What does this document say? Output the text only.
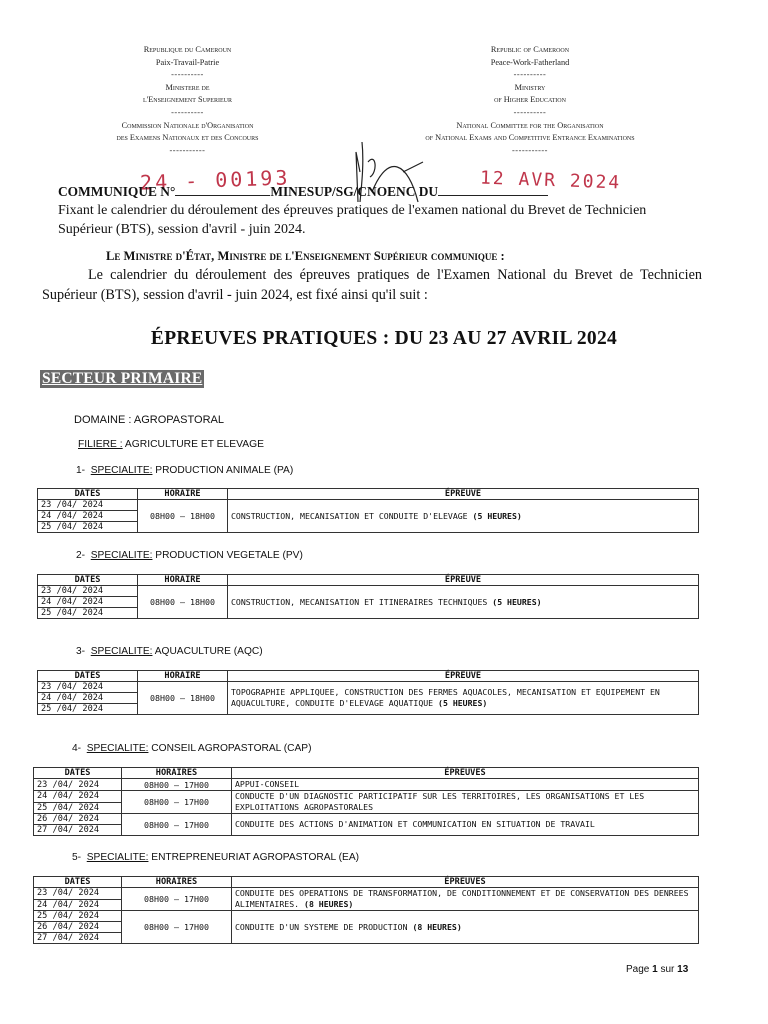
Republique du Cameroun
Paix-Travail-Patrie
----------
Ministere de
l'Enseignement Superieur
----------
Commission Nationale d'Organisation
des Examens Nationaux et des Concours
-----------
Republic of Cameroon
Peace-Work-Fatherland
----------
Ministry
of Higher Education
----------
National Committee for the Organisation
of National Exams and Competitive Entrance Examinations
-----------
24 - 00193	12 AVR 2024
COMMUNIQUE N°	MINESUP/SG/CNOENC DU
Fixant le calendrier du déroulement des épreuves pratiques de l'examen national du Brevet de Technicien Supérieur (BTS), session d'avril - juin 2024.
Le Ministre d'État, Ministre de l'Enseignement Supérieur communique :
Le calendrier du déroulement des épreuves pratiques de l'Examen National du Brevet de Technicien Supérieur (BTS), session d'avril - juin 2024, est fixé ainsi qu'il suit :
ÉPREUVES PRATIQUES : DU 23 AU 27 AVRIL 2024
SECTEUR PRIMAIRE
DOMAINE : AGROPASTORAL
FILIERE : AGRICULTURE ET ELEVAGE
1- SPECIALITE: PRODUCTION ANIMALE (PA)
DATES	HORAIRE	ÉPREUVE
23 /04/ 2024	08H00 – 18H00	CONSTRUCTION, MECANISATION ET CONDUITE D'ELEVAGE (5 HEURES)
24 /04/ 2024		
25 /04/ 2024		
2- SPECIALITE: PRODUCTION VEGETALE (PV)
DATES	HORAIRE	ÉPREUVE
23 /04/ 2024	08H00 – 18H00	CONSTRUCTION, MECANISATION ET ITINERAIRES TECHNIQUES (5 HEURES)
24 /04/ 2024		
25 /04/ 2024		
3- SPECIALITE: AQUACULTURE (AQC)
DATES	HORAIRE	ÉPREUVE
23 /04/ 2024	08H00 – 18H00	TOPOGRAPHIE APPLIQUEE, CONSTRUCTION DES FERMES AQUACOLES, MECANISATION ET EQUIPEMENT EN AQUACULTURE, CONDUITE D'ELEVAGE AQUATIQUE (5 HEURES)
24 /04/ 2024		
25 /04/ 2024		
4- SPECIALITE: CONSEIL AGROPASTORAL (CAP)
DATES	HORAIRES	ÉPREUVES
23 /04/ 2024	08H00 – 17H00	APPUI-CONSEIL
24 /04/ 2024	08H00 – 17H00	CONDUCTE D'UN DIAGNOSTIC PARTICIPATIF SUR LES TERRITOIRES, LES ORGANISATIONS ET LES EXPLOITATIONS AGROPASTORALES
25 /04/ 2024		
26 /04/ 2024	08H00 – 17H00	CONDUITE DES ACTIONS D'ANIMATION ET COMMUNICATION EN SITUATION DE TRAVAIL
27 /04/ 2024		
5- SPECIALITE: ENTREPRENEURIAT AGROPASTORAL (EA)
DATES	HORAIRES	ÉPREUVES
23 /04/ 2024	08H00 – 17H00	CONDUITE DES OPERATIONS DE TRANSFORMATION, DE CONDITIONNEMENT ET DE CONSERVATION DES DENREES ALIMENTAIRES. (8 HEURES)
24 /04/ 2024		
25 /04/ 2024	08H00 – 17H00	CONDUITE D'UN SYSTEME DE PRODUCTION (8 HEURES)
26 /04/ 2024		
27 /04/ 2024		
Page 1 sur 13
